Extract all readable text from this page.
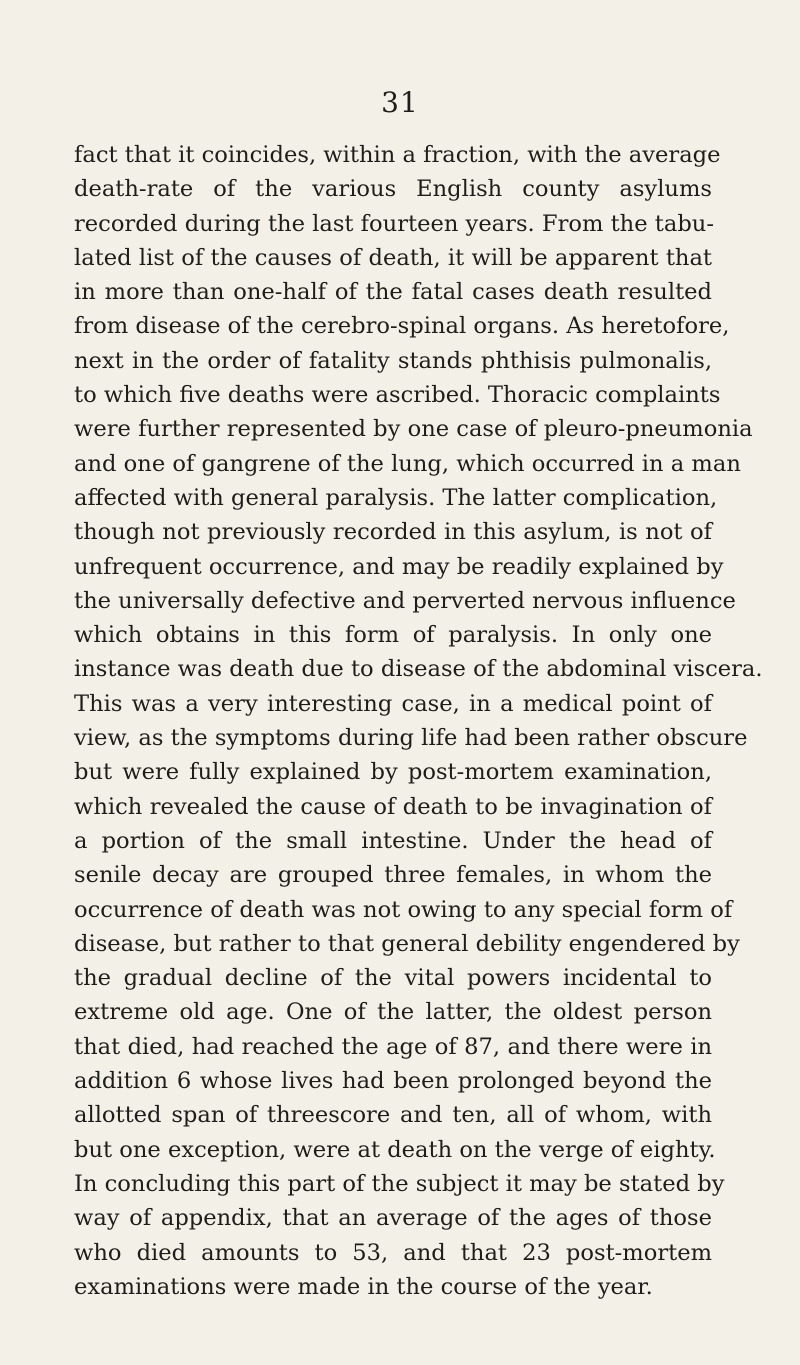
31
fact that it coincides, within a fraction, with the average
death-rate of the various English county asylums
recorded during the last fourteen years. From the tabu-
lated list of the causes of death, it will be apparent that
in more than one-half of the fatal cases death resulted
from disease of the cerebro-spinal organs. As heretofore,
next in the order of fatality stands phthisis pulmonalis,
to which five deaths were ascribed. Thoracic complaints
were further represented by one case of pleuro-pneumonia
and one of gangrene of the lung, which occurred in a man
affected with general paralysis. The latter complication,
though not previously recorded in this asylum, is not of
unfrequent occurrence, and may be readily explained by
the universally defective and perverted nervous influence
which obtains in this form of paralysis. In only one
instance was death due to disease of the abdominal viscera.
This was a very interesting case, in a medical point of
view, as the symptoms during life had been rather obscure
but were fully explained by post-mortem examination,
which revealed the cause of death to be invagination of
a portion of the small intestine. Under the head of
senile decay are grouped three females, in whom the
occurrence of death was not owing to any special form of
disease, but rather to that general debility engendered by
the gradual decline of the vital powers incidental to
extreme old age. One of the latter, the oldest person
that died, had reached the age of 87, and there were in
addition 6 whose lives had been prolonged beyond the
allotted span of threescore and ten, all of whom, with
but one exception, were at death on the verge of eighty.
In concluding this part of the subject it may be stated by
way of appendix, that an average of the ages of those
who died amounts to 53, and that 23 post-mortem
examinations were made in the course of the year.
